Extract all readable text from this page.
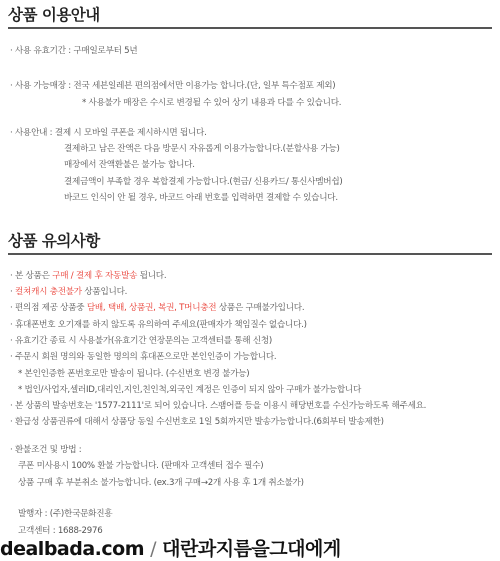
상품 이용안내
· 사용 유효기간 : 구매일로부터 5년
· 사용 가능매장 : 전국 세븐일레븐 편의점에서만 이용가능 합니다.(단, 일부 특수점포 제외)
* 사용불가 매장은 수시로 변경될 수 있어 상기 내용과 다를 수 있습니다.
· 사용안내 : 결제 시 모바일 쿠폰을 제시하시면 됩니다.
결제하고 남은 잔액은 다음 방문시 자유롭게 이용가능합니다.(분할사용 가능)
매장에서 잔액환불은 불가능 합니다.
결제금액이 부족할 경우 복합결제 가능합니다.(현금/ 신용카드/ 통신사멤버쉽)
바코드 인식이 안 될 경우, 바코드 아래 번호를 입력하면 결제할 수 있습니다.
상품 유의사항
· 본 상품은 구매 / 결제 후 자동발송 됩니다.
· 컬쳐캐시 충전불가 상품입니다.
· 편의점 제공 상품중 담배, 택배, 상품권, 복권, T머니충전 상품은 구매불가입니다.
· 휴대폰번호 오기재를 하지 않도록 유의하여 주세요(판매자가 책임질수 없습니다.)
· 유효기간 종료 시 사용불가(유효기간 연장문의는 고객센터를 통해 신청)
· 주문시 회원 명의와 동일한 명의의 휴대폰으로만 본인인증이 가능합니다.
* 본인인증한 폰번호로만 발송이 됩니다. (수신번호 변경 불가능)
* 법인/사업자,셀러ID,대리인,지인,친인척,외국인 계정은 인증이 되지 않아 구매가 불가능합니다
· 본 상품의 발송번호는 '1577-2111'로 되어 있습니다. 스팸어플 등을 이용시 해당번호를 수신가능하도록 해주세요.
· 환급성 상품권류에 대해서 상품당 동일 수신번호로 1일 5회까지만 발송가능합니다.(6회부터 발송제한)
· 환불조건 및 방법 :
쿠폰 미사용시 100% 환불 가능합니다. (판매자 고객센터 접수 필수)
상품 구매 후 부분취소 불가능합니다. (ex.3개 구매→2개 사용 후 1개 취소불가)
발행자 : (주)한국문화진흥
고객센터 : 1688-2976
dealbada.com / 대란과지름을그대에게
